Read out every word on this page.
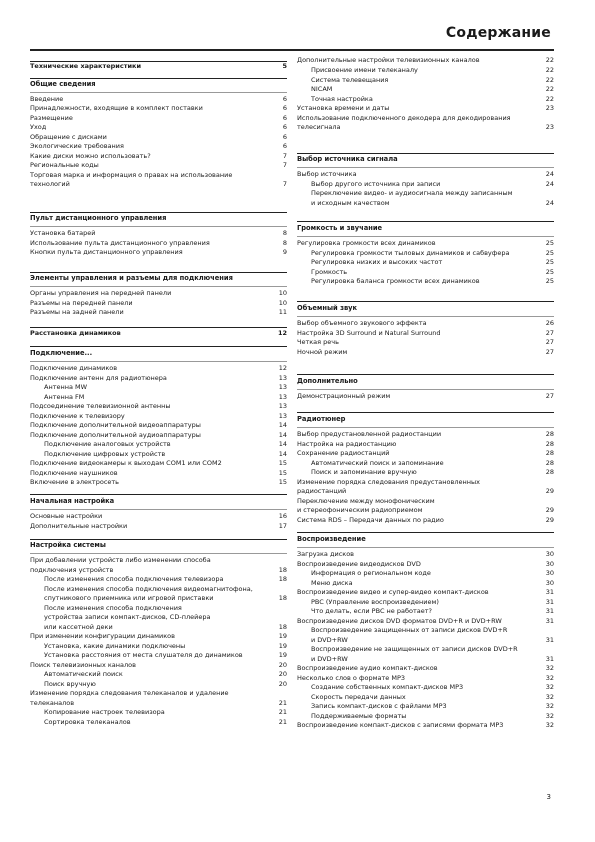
Содержание
Технические характеристики	5
Общие сведения
Введение	6
Принадлежности, входящие в комплект поставки	6
Размещение	6
Уход	6
Обращение с дисками	6
Экологические требования	6
Какие диски можно использовать?	7
Региональные коды	7
Торговая марка и информация о правах на использование
технологий	7
Пульт дистанционного управления
Установка батарей	8
Использование пульта дистанционного управления	8
Кнопки пульта дистанционного управления	9
Элементы управления и разъемы для подключения
Органы управления на передней панели	10
Разъемы на передней панели	10
Разъемы на задней панели	11
Расстановка динамиков	12
Подключение...
Подключение динамиков	12
Подключение антенн для радиотюнера	13
Антенна MW	13
Антенна FM	13
Подсоединение телевизионной антенны	13
Подключение к телевизору	13
Подключение дополнительной видеоаппаратуры	14
Подключение дополнительной аудиоаппаратуры	14
Подключение аналоговых устройств	14
Подключение цифровых устройств	14
Подключение видеокамеры к выходам COM1 или COM2	15
Подключение наушников	15
Включение в электросеть	15
Начальная настройка
Основные настройки	16
Дополнительные настройки	17
Настройка системы
При добавлении устройств либо изменении способа
подключения устройств	18
После изменения способа подключения телевизора	18
После изменения способа подключения видеомагнитофона,
спутникового приемника или игровой приставки	18
После изменения способа подключения
устройства записи компакт-дисков, CD-плейера
или кассетной деки	18
При изменении конфигурации динамиков	19
Установка, какие динамики подключены	19
Установка расстояния от места слушателя до динамиков	19
Поиск телевизионных каналов	20
Автоматический поиск	20
Поиск вручную	20
Изменение порядка следования телеканалов и удаление
телеканалов	21
Копирование настроек телевизора	21
Сортировка телеканалов	21
Дополнительные настройки телевизионных каналов	22
Присвоение имени телеканалу	22
Система телевещания	22
NICAM	22
Точная настройка	22
Установка времени и даты	23
Использование подключенного декодера для декодирования
телесигнала	23
Выбор источника сигнала
Выбор источника	24
Выбор другого источника при записи	24
Переключение видео- и аудиосигнала между записанным
и исходным качеством	24
Громкость и звучание
Регулировка громкости всех динамиков	25
Регулировка громкости тыловых динамиков и сабвуфера	25
Регулировка низких и высоких частот	25
Громкость	25
Регулировка баланса громкости всех динамиков	25
Объемный звук
Выбор объемного звукового эффекта	26
Настройка 3D Surround и Natural Surround	27
Четкая речь	27
Ночной режим	27
Дополнительно
Демонстрационный режим	27
Радиотюнер
Выбор предустановленной радиостанции	28
Настройка на радиостанцию	28
Сохранение радиостанций	28
Автоматический поиск и запоминание	28
Поиск и запоминание вручную	28
Изменение порядка следования предустановленных
радиостанций	29
Переключение между монофоническим
и стереофоническим радиоприемом	29
Система RDS – Передачи данных по радио	29
Воспроизведение
Загрузка дисков	30
Воспроизведение видеодисков DVD	30
Информация о региональном коде	30
Меню диска	30
Воспроизведение видео и супер-видео компакт-дисков	31
PBC (Управление воспроизведением)	31
Что делать, если PBC не работает?	31
Воспроизведение дисков DVD форматов DVD+R и DVD+RW	31
Воспроизведение защищенных от записи дисков DVD+R
и DVD+RW	31
Воспроизведение не защищенных от записи дисков DVD+R
и DVD+RW	31
Воспроизведение аудио компакт-дисков	32
Несколько слов о формате MP3	32
Создание собственных компакт-дисков MP3	32
Скорость передачи данных	32
Запись компакт-дисков с файлами MP3	32
Поддерживаемые форматы	32
Воспроизведение компакт-дисков с записями формата MP3	32
3
